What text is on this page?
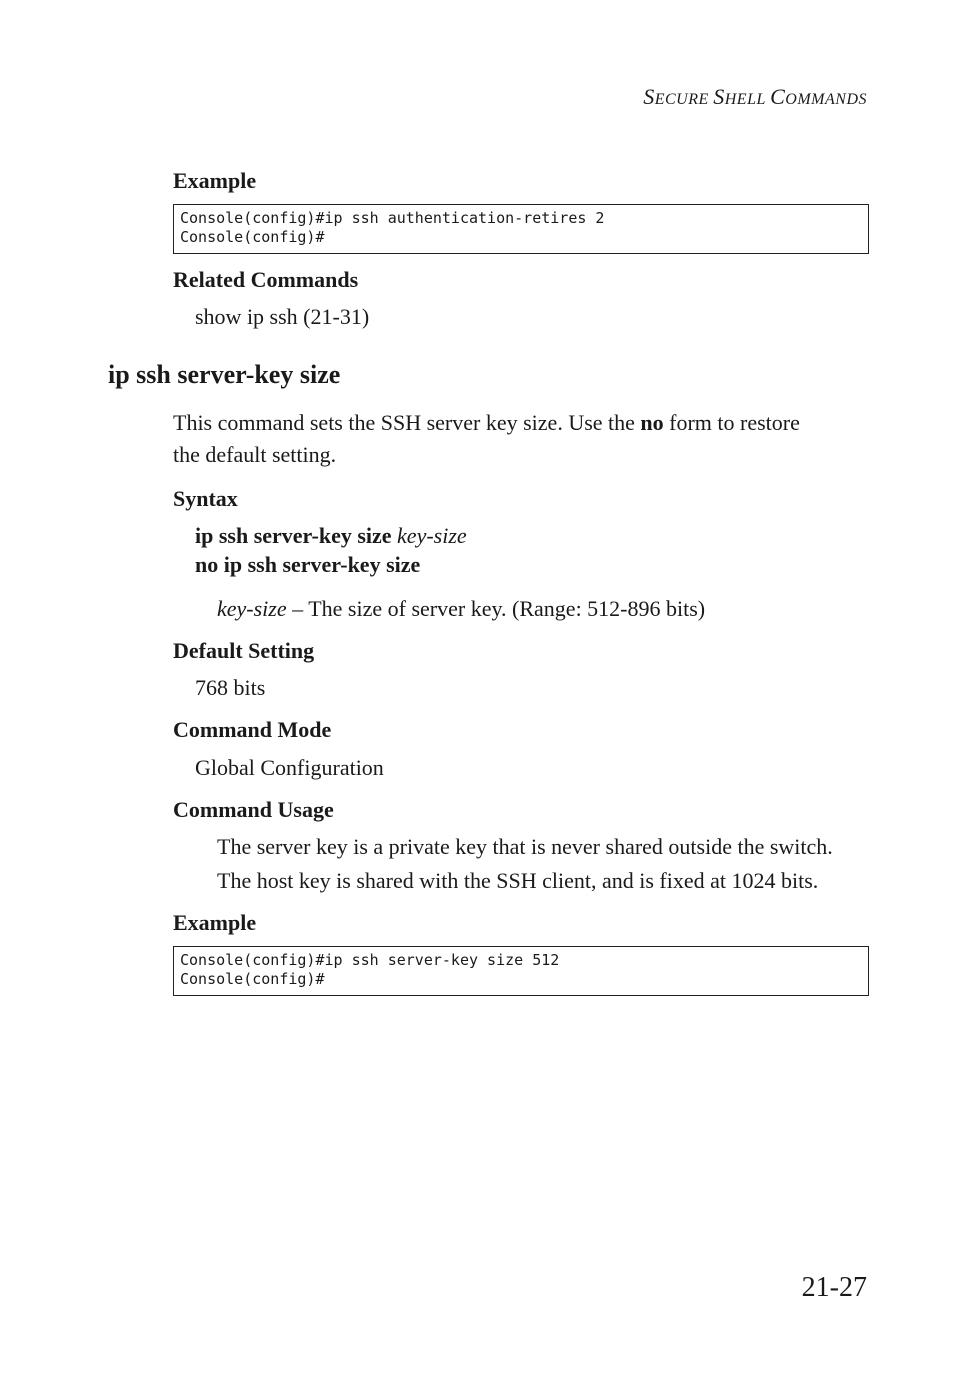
SECURE SHELL COMMANDS
Example
Console(config)#ip ssh authentication-retires 2
Console(config)#
Related Commands
show ip ssh (21-31)
ip ssh server-key size
This command sets the SSH server key size. Use the no form to restore
the default setting.
Syntax
ip ssh server-key size key-size
no ip ssh server-key size
key-size – The size of server key. (Range: 512-896 bits)
Default Setting
768 bits
Command Mode
Global Configuration
Command Usage
The server key is a private key that is never shared outside the switch.
The host key is shared with the SSH client, and is fixed at 1024 bits.
Example
Console(config)#ip ssh server-key size 512
Console(config)#
21-27
